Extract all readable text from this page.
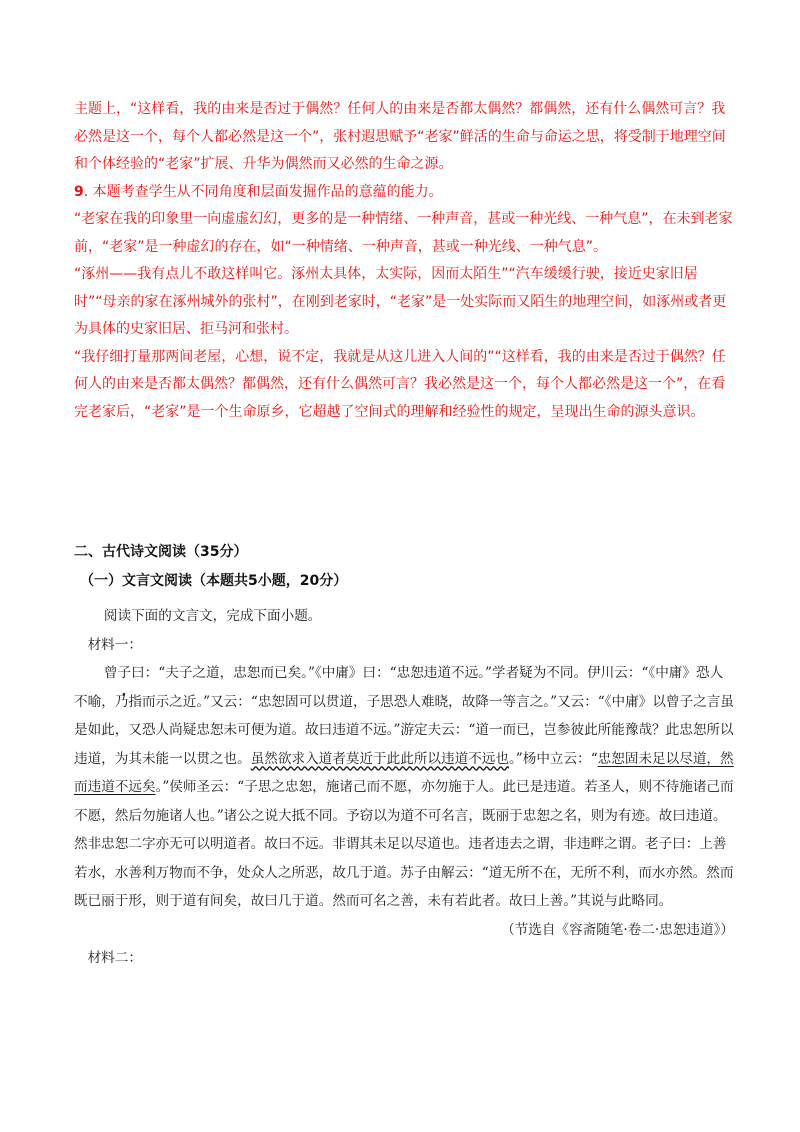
主题上，“这样看，我的由来是否过于偶然？任何人的由来是否都太偶然？都偶然，还有什么偶然可言？我必然是这一个，每个人都必然是这一个”，张村遐思赋予“老家”鲜活的生命与命运之思，将受制于地理空间和个体经验的“老家”扩展、升华为偶然而又必然的生命之源。

9. 本题考查学生从不同角度和层面发掘作品的意蕴的能力。

“老家在我的印象里一向虚虚幻幻，更多的是一种情绪、一种声音，甚或一种光线、一种气息”，在未到老家前，“老家”是一种虚幻的存在，如“一种情绪、一种声音，甚或一种光线、一种气息”。

“涿州——我有点儿不敢这样叫它。涿州太具体，太实际，因而太陌生”“汽车缓缓行驶，接近史家旧居时”“母亲的家在涿州城外的张村”，在刚到老家时，“老家”是一处实际而又陌生的地理空间，如涿州或者更为具体的史家旧居、拒马河和张村。

“我仔细打量那两间老屋，心想，说不定，我就是从这儿进入人间的”“这样看，我的由来是否过于偶然？任何人的由来是否都太偶然？都偶然，还有什么偶然可言？我必然是这一个，每个人都必然是这一个”，在看完老家后，“老家”是一个生命原乡，它超越了空间式的理解和经验性的规定，呈现出生命的源头意识。

二、古代诗文阅读（35分）
（一）文言文阅读（本题共5小题，20分）

阅读下面的文言文，完成下面小题。

材料一：

曾子曰：“夫子之道，忠恕而已矣。”《中庸》曰：“忠恕违道不远。”学者疑为不同。伊川云：“《中庸》恐人不· 喻，乃指而示之近。”又云：“忠恕固可以贯道，子思恐人难晓，故降一等言之。”又云：“《中庸》以曾子之言虽是如此，又恐人尚疑忠恕未可便为道。故曰违道不远。”游定夫云：“道一而已，岂参彼此所能豫哉？此忠恕所以违道，为其未能一以贯之也。虽然欲求入道者莫近于此此所以违道不远也。”杨中立云：“忠恕固未足以尽道，然而违道不远矣。”侯师圣云：“子思之忠恕，施诸己而不愿，亦勿施于人。此已是违道。若圣人，则不待施诸己而不愿，然后勿施诸人也。”诸公之说大抵不同。予窃以为道不可名言，既丽于忠恕之名，则为有迹。故曰违道。然非忠恕二字亦无可以明道者。故曰不远。非谓其未足以尽道也。违者违去之谓，非违畔之谓。老子曰：上善若水，水善利万物而不争，处众人之所恶，故几于道。苏子由解云：“道无所不在，无所不利，而水亦然。然而既已丽于形，则于道有间矣，故曰几于道。然而可名之善，未有若此者。故曰上善。”其说与此略同。

（节选自《容斋随笔·卷二·忠恕违道》）

材料二：
